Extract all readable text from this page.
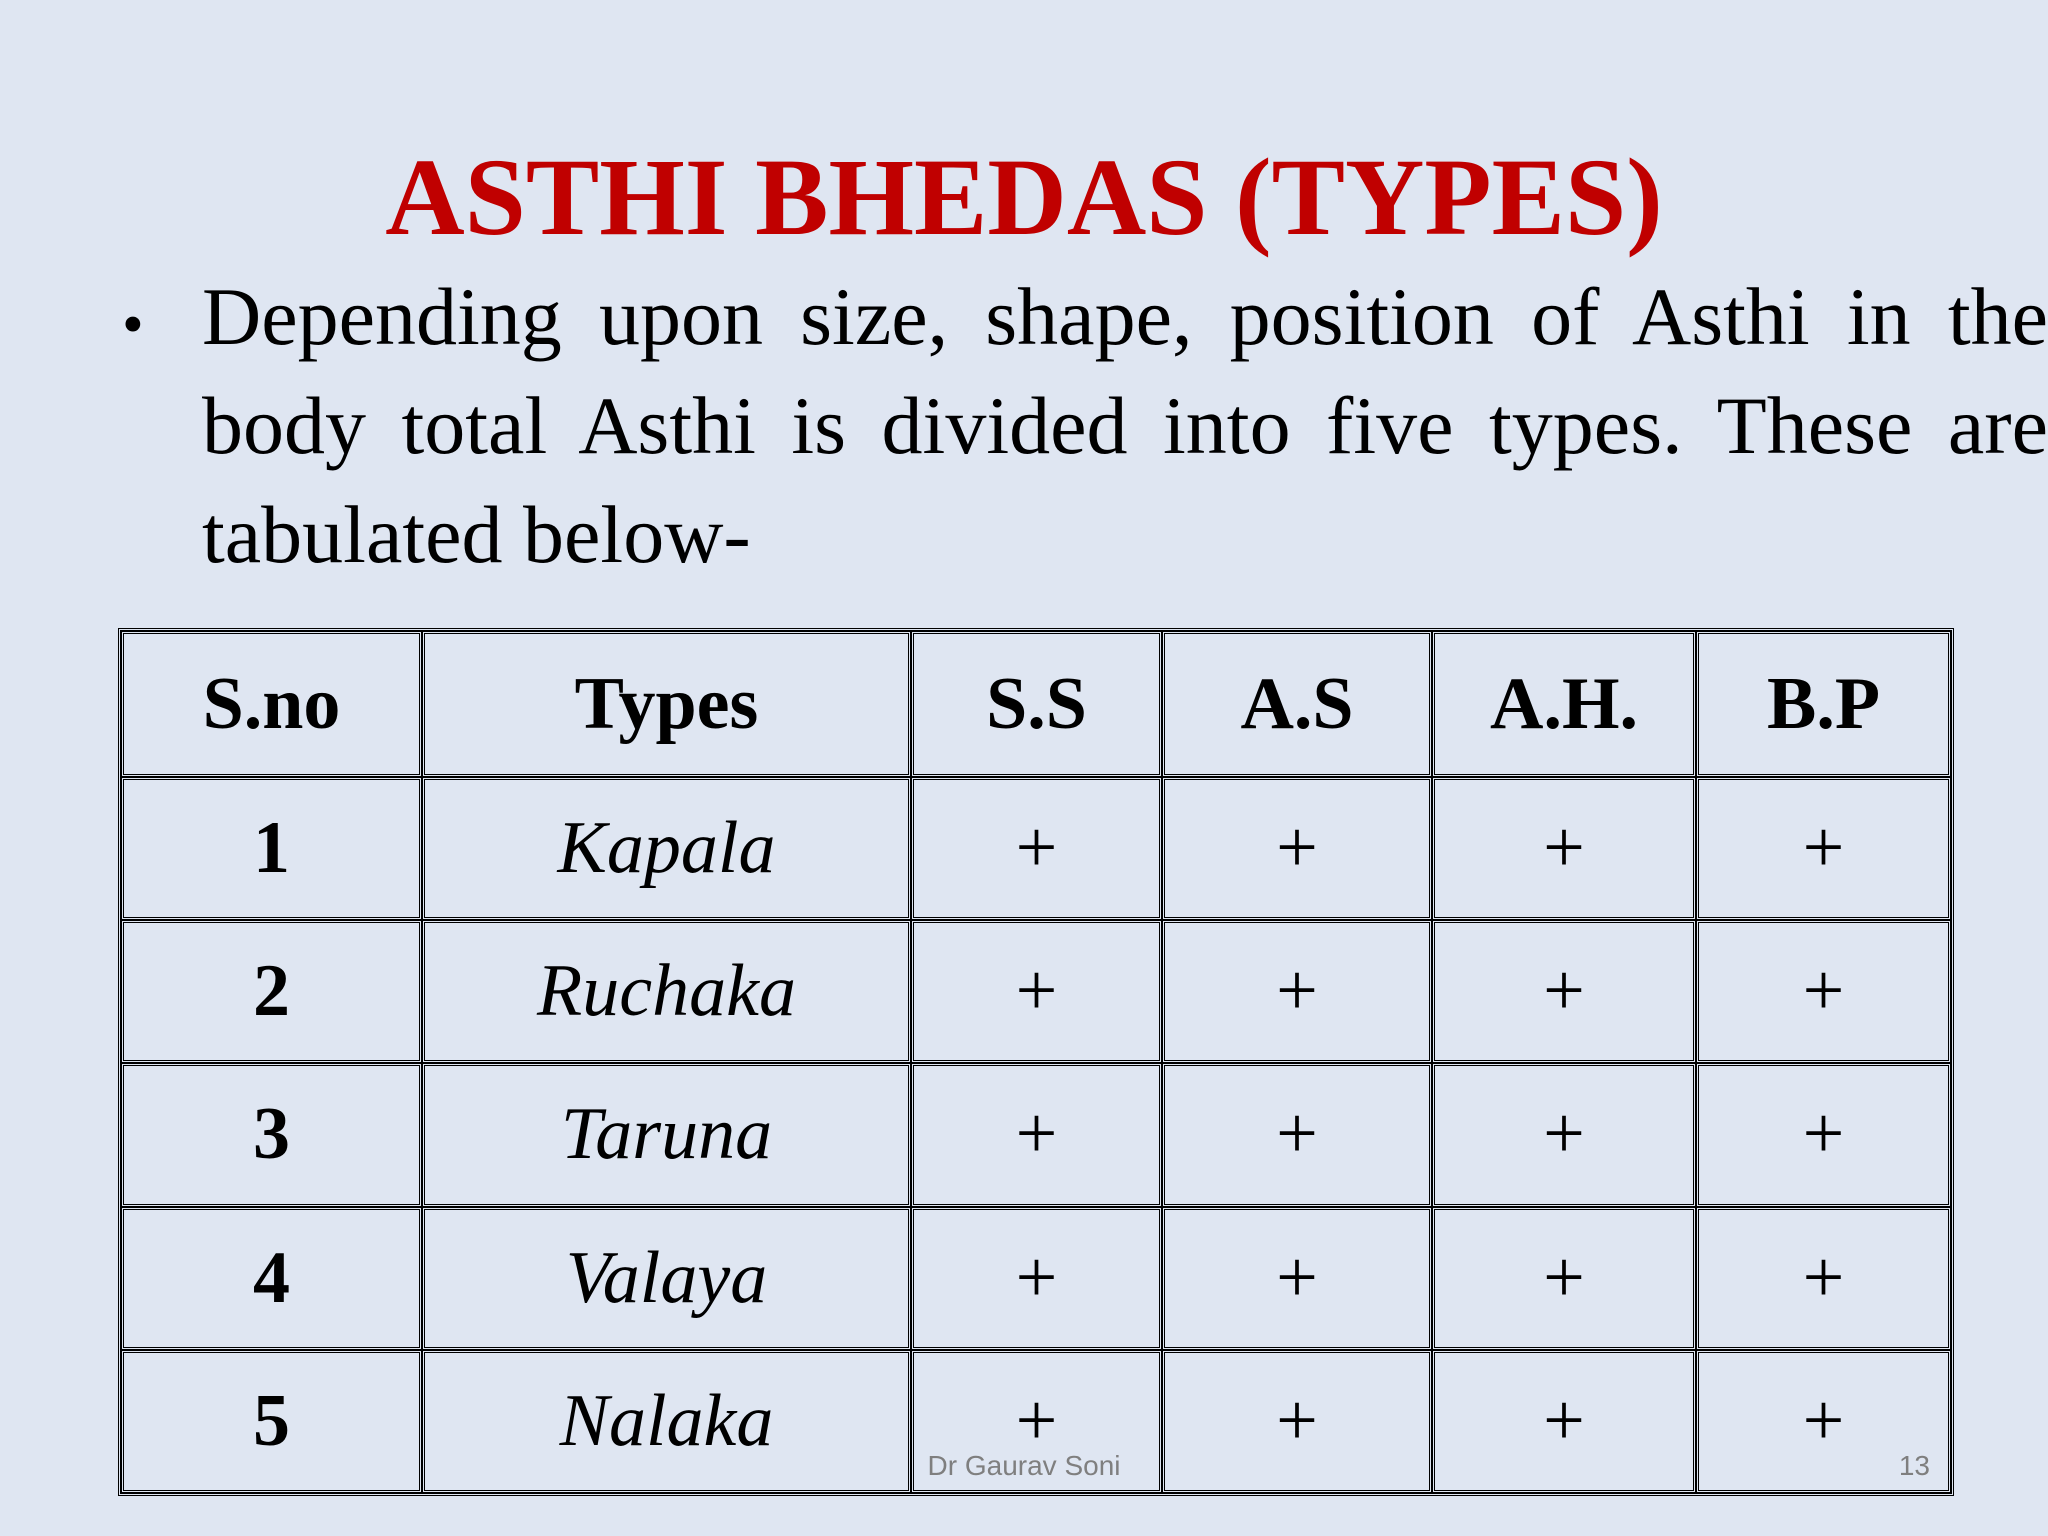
ASTHI BHEDAS (TYPES)
• Depending upon size, shape, position of Asthi in the body total Asthi is divided into five types. These are tabulated below-
S.no	Types	S.S	A.S	A.H.	B.P
1	Kapala	+	+	+	+
2	Ruchaka	+	+	+	+
3	Taruna	+	+	+	+
4	Valaya	+	+	+	+
5	Nalaka	+	+	+	+
Dr Gaurav Soni	13
